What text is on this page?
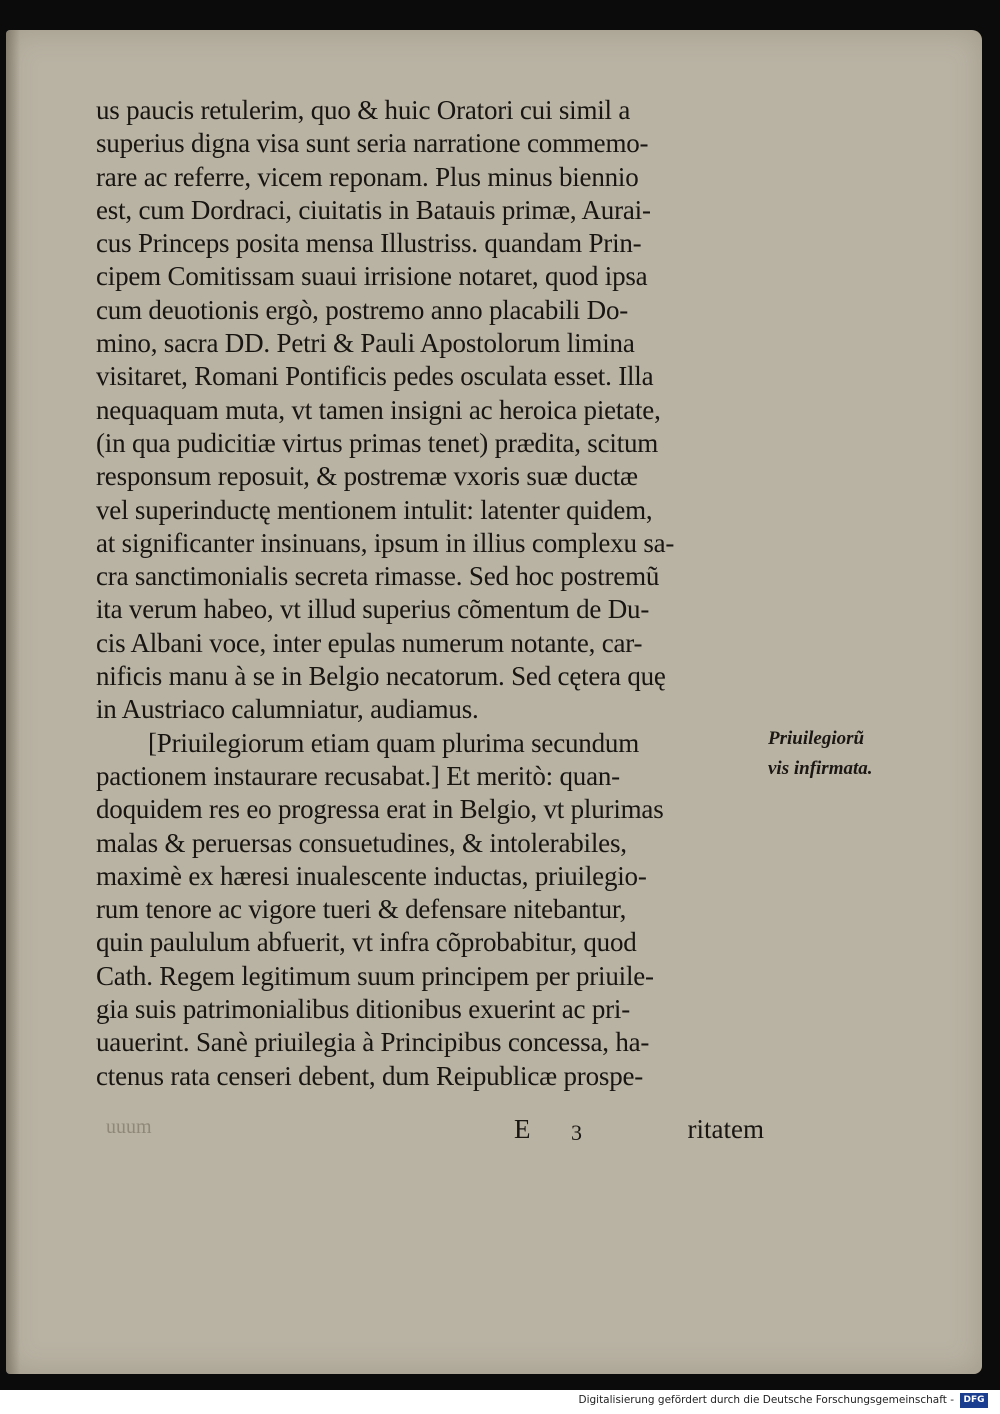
us paucis retulerim, quo & huic Oratori cui simil a
superius digna visa sunt seria narratione commemo-
rare ac referre, vicem reponam. Plus minus biennio
est, cum Dordraci, ciuitatis in Batauis primæ, Aurai-
cus Princeps posita mensa Illustriss. quandam Prin-
cipem Comitissam suaui irrisione notaret, quod ipsa
cum deuotionis ergò, postremo anno placabili Do-
mino, sacra DD. Petri & Pauli Apostolorum limina
visitaret, Romani Pontificis pedes osculata esset. Illa
nequaquam muta, vt tamen insigni ac heroica pietate,
(in qua pudicitiæ virtus primas tenet) prædita, scitum
responsum reposuit, & postremæ vxoris suæ ductæ
vel superinductę mentionem intulit: latenter quidem,
at significanter insinuans, ipsum in illius complexu sa-
cra sanctimonialis secreta rimasse. Sed hoc postremũ
ita verum habeo, vt illud superius cõmentum de Du-
cis Albani voce, inter epulas numerum notante, car-
nificis manu à se in Belgio necatorum. Sed cętera quę
in Austriaco calumniatur, audiamus.
[Priuilegiorum etiam quam plurima secundum
pactionem instaurare recusabat.] Et meritò: quan-
doquidem res eo progressa erat in Belgio, vt plurimas
malas & peruersas consuetudines, & intolerabiles,
maximè ex hæresi inualescente inductas, priuilegio-
rum tenore ac vigore tueri & defensare nitebantur,
quin paululum abfuerit, vt infra cõprobabitur, quod
Cath. Regem legitimum suum principem per priuile-
gia suis patrimonialibus ditionibus exuerint ac pri-
uauerint. Sanè priuilegia à Principibus concessa, ha-
ctenus rata censeri debent, dum Reipublicæ prospe-
Priuilegiorũ
vis infirmata.
uuum	E 3	ritatem
Digitalisierung gefördert durch die Deutsche Forschungsgemeinschaft -	DFG
